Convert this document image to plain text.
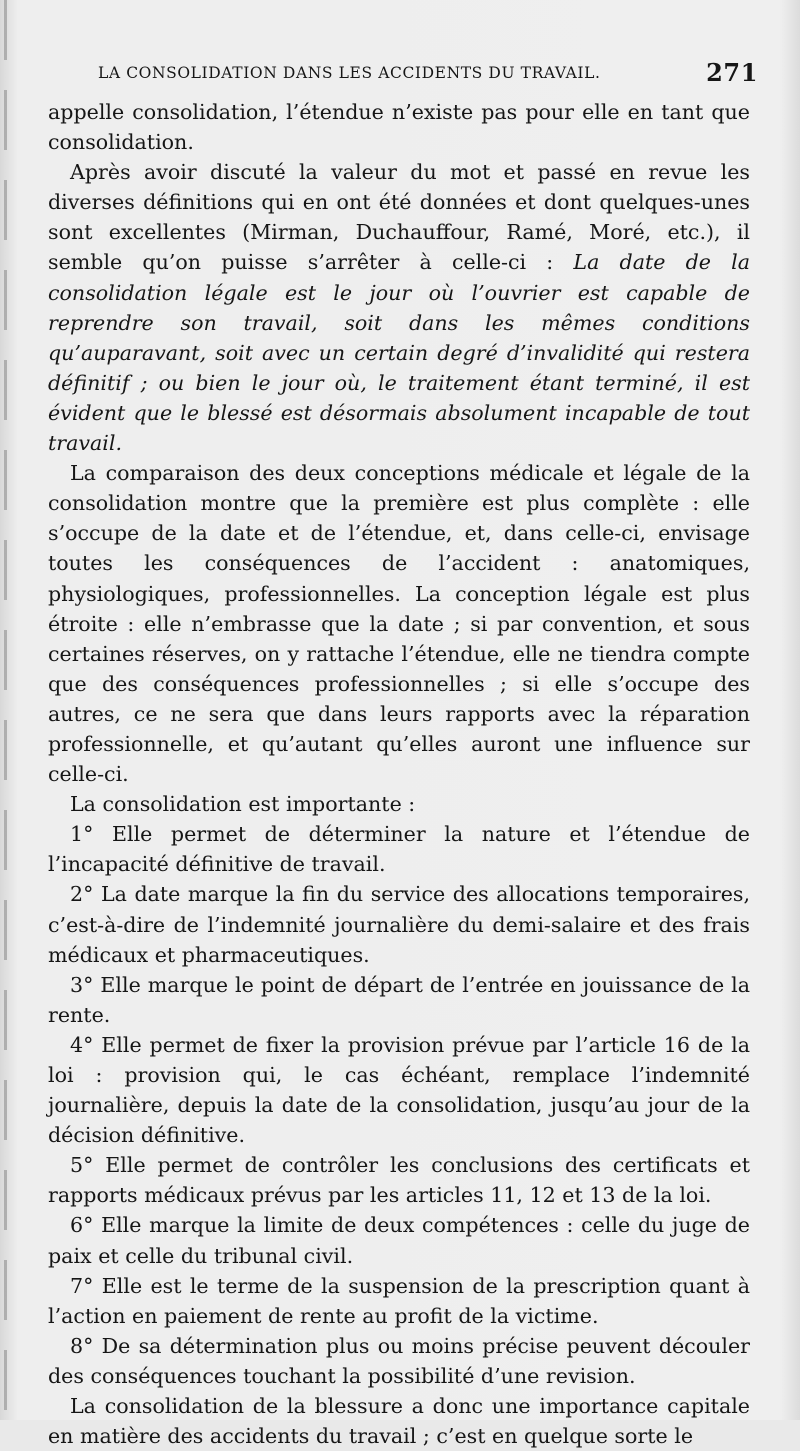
LA CONSOLIDATION DANS LES ACCIDENTS DU TRAVAIL.	271

appelle consolidation, l’étendue n’existe pas pour elle en tant que consolidation.

Après avoir discuté la valeur du mot et passé en revue les diverses définitions qui en ont été données et dont quelques-unes sont excellentes (Mirman, Duchauffour, Ramé, Moré, etc.), il semble qu’on puisse s’arrêter à celle-ci : La date de la consolidation légale est le jour où l’ouvrier est capable de reprendre son travail, soit dans les mêmes conditions qu’auparavant, soit avec un certain degré d’invalidité qui restera définitif ; ou bien le jour où, le traitement étant terminé, il est évident que le blessé est désormais absolument incapable de tout travail.

La comparaison des deux conceptions médicale et légale de la consolidation montre que la première est plus complète : elle s’occupe de la date et de l’étendue, et, dans celle-ci, envisage toutes les conséquences de l’accident : anatomiques, physiologiques, professionnelles. La conception légale est plus étroite : elle n’embrasse que la date ; si par convention, et sous certaines réserves, on y rattache l’étendue, elle ne tiendra compte que des conséquences professionnelles ; si elle s’occupe des autres, ce ne sera que dans leurs rapports avec la réparation professionnelle, et qu’autant qu’elles auront une influence sur celle-ci.

La consolidation est importante :

1° Elle permet de déterminer la nature et l’étendue de l’incapacité définitive de travail.

2° La date marque la fin du service des allocations temporaires, c’est-à-dire de l’indemnité journalière du demi-salaire et des frais médicaux et pharmaceutiques.

3° Elle marque le point de départ de l’entrée en jouissance de la rente.

4° Elle permet de fixer la provision prévue par l’article 16 de la loi : provision qui, le cas échéant, remplace l’indemnité journalière, depuis la date de la consolidation, jusqu’au jour de la décision définitive.

5° Elle permet de contrôler les conclusions des certificats et rapports médicaux prévus par les articles 11, 12 et 13 de la loi.

6° Elle marque la limite de deux compétences : celle du juge de paix et celle du tribunal civil.

7° Elle est le terme de la suspension de la prescription quant à l’action en paiement de rente au profit de la victime.

8° De sa détermination plus ou moins précise peuvent découler des conséquences touchant la possibilité d’une revision.

La consolidation de la blessure a donc une importance capitale en matière des accidents du travail ; c’est en quelque sorte le
